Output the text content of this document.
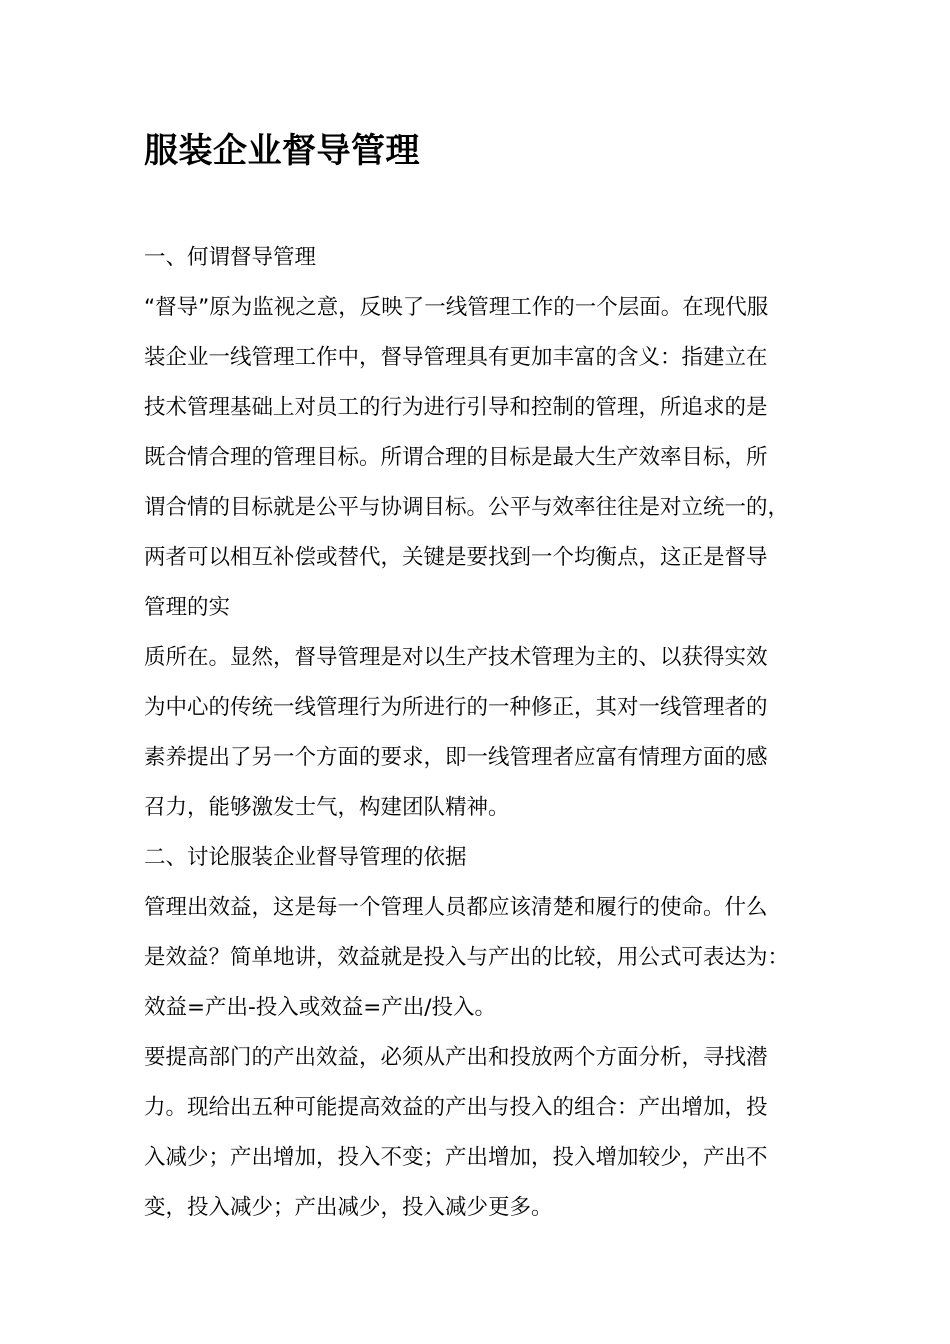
服装企业督导管理
一、何谓督导管理
“督导”原为监视之意，反映了一线管理工作的一个层面。在现代服
装企业一线管理工作中，督导管理具有更加丰富的含义：指建立在
技术管理基础上对员工的行为进行引导和控制的管理，所追求的是
既合情合理的管理目标。所谓合理的目标是最大生产效率目标，所
谓合情的目标就是公平与协调目标。公平与效率往往是对立统一的，
两者可以相互补偿或替代，关键是要找到一个均衡点，这正是督导
管理的实
质所在。显然，督导管理是对以生产技术管理为主的、以获得实效
为中心的传统一线管理行为所进行的一种修正，其对一线管理者的
素养提出了另一个方面的要求，即一线管理者应富有情理方面的感
召力，能够激发士气，构建团队精神。
二、讨论服装企业督导管理的依据
管理出效益，这是每一个管理人员都应该清楚和履行的使命。什么
是效益？简单地讲，效益就是投入与产出的比较，用公式可表达为：
效益=产出-投入或效益=产出/投入。
要提高部门的产出效益，必须从产出和投放两个方面分析，寻找潜
力。现给出五种可能提高效益的产出与投入的组合：产出增加，投
入减少；产出增加，投入不变；产出增加，投入增加较少，产出不
变，投入减少；产出减少，投入减少更多。
